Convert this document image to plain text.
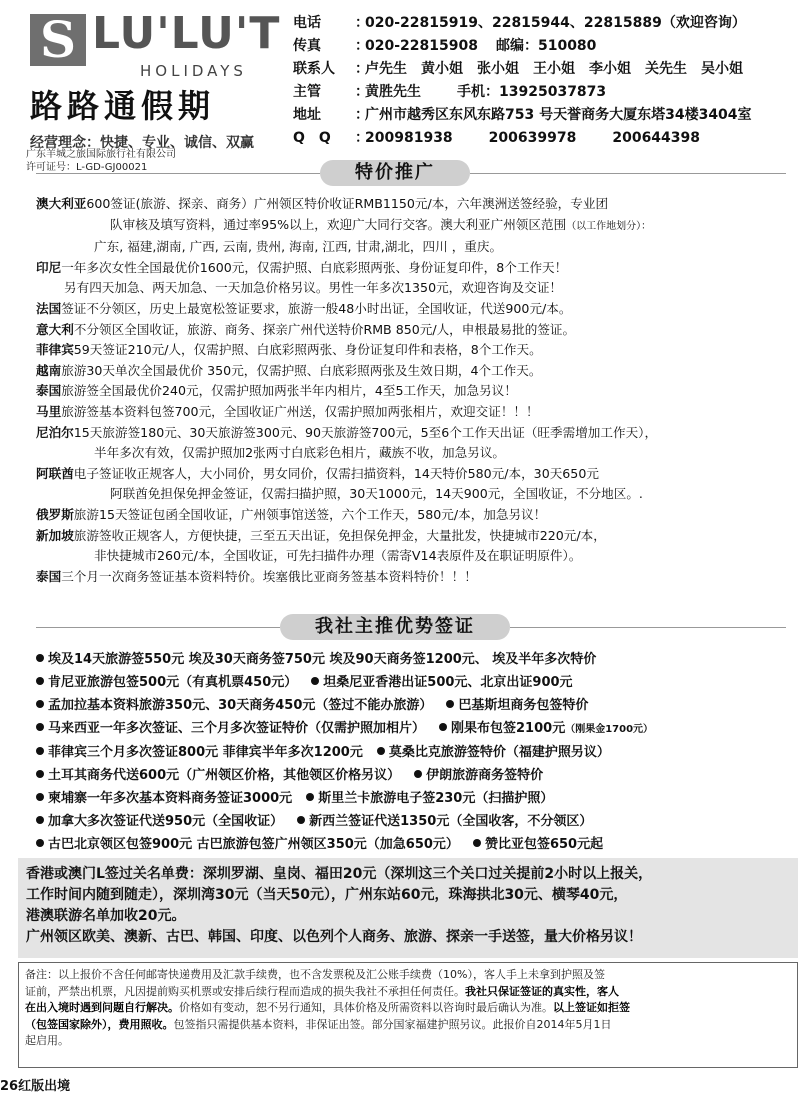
S LU'LU'T
HOLIDAYS
路路通假期
经营理念：快捷、专业、诚信、双赢
广东羊城之旅国际旅行社有限公司
许可证号：L-GD-GJ00021
电话	：
020-22815919、22815944、22815889（欢迎咨询）
传真	：
020-22815908 邮编：510080
联系人	：
卢先生　黄小姐　张小姐　王小姐　李小姐　关先生　吴小姐
主管	：
黄胜先生	手机：13925037873
地址	：
广州市越秀区东风东路753 号天誉商务大厦东塔34楼3404室
Q　Q	：
200981938	200639978	200644398
特价推广
澳大利亚600签证(旅游、探亲、商务）广州领区特价收证RMB1150元/本，六年澳洲送签经验，专业团
队审核及填写资料，通过率95%以上，欢迎广大同行交客。澳大利亚广州领区范围（以工作地划分）：
广东, 福建,湖南, 广西, 云南, 贵州, 海南, 江西, 甘肃,湖北，四川 ，重庆。
印尼一年多次女性全国最优价1600元，仅需护照、白底彩照两张、身份证复印件，8个工作天！
另有四天加急、两天加急、一天加急价格另议。男性一年多次1350元，欢迎咨询及交证！
法国签证不分领区，历史上最宽松签证要求，旅游一般48小时出证，全国收证，代送900元/本。
意大利不分领区全国收证，旅游、商务、探亲广州代送特价RMB 850元/人，申根最易批的签证。
菲律宾59天签证210元/人，仅需护照、白底彩照两张、身份证复印件和表格，8个工作天。
越南旅游30天单次全国最优价 350元，仅需护照、白底彩照两张及生效日期，4个工作天。
泰国旅游签全国最优价240元，仅需护照加两张半年内相片，4至5工作天，加急另议！
马里旅游签基本资料包签700元，全国收证广州送，仅需护照加两张相片，欢迎交证！！！
尼泊尔15天旅游签180元、30天旅游签300元、90天旅游签700元，5至6个工作天出证（旺季需增加工作天），
半年多次有效，仅需护照加2张两寸白底彩色相片，藏族不收，加急另议。
阿联酋电子签证收正规客人，大小同价，男女同价，仅需扫描资料，14天特价580元/本，30天650元
阿联酋免担保免押金签证，仅需扫描护照，30天1000元，14天900元，全国收证，不分地区。.
俄罗斯旅游15天签证包函全国收证，广州领事馆送签，六个工作天，580元/本，加急另议！
新加坡旅游签收正规客人，方便快捷，三至五天出证，免担保免押金，大量批发，快捷城市220元/本，
非快捷城市260元/本，全国收证，可先扫描件办理（需寄V14表原件及在职证明原件）。
泰国三个月一次商务签证基本资料特价。埃塞俄比亚商务签基本资料特价！！！
我社主推优势签证
埃及14天旅游签550元 埃及30天商务签750元 埃及90天商务签1200元、 埃及半年多次特价
肯尼亚旅游包签500元（有真机票450元） 坦桑尼亚香港出证500元、北京出证900元
孟加拉基本资料旅游350元、30天商务450元（签过不能办旅游） 巴基斯坦商务包签特价
马来西亚一年多次签证、三个月多次签证特价（仅需护照加相片） 刚果布包签2100元（刚果金1700元）
菲律宾三个月多次签证800元 菲律宾半年多次1200元 莫桑比克旅游签特价（福建护照另议）
土耳其商务代送600元（广州领区价格，其他领区价格另议） 伊朗旅游商务签特价
柬埔寨一年多次基本资料商务签证3000元 斯里兰卡旅游电子签230元（扫描护照）
加拿大多次签证代送950元（全国收证） 新西兰签证代送1350元（全国收客，不分领区）
古巴北京领区包签900元 古巴旅游包签广州领区350元（加急650元） 赞比亚包签650元起
香港或澳门L签过关名单费：深圳罗湖、皇岗、福田20元（深圳这三个关口过关提前2小时以上报关，
工作时间内随到随走），深圳湾30元（当天50元），广州东站60元，珠海拱北30元、横琴40元，
港澳联游名单加收20元。
广州领区欧美、澳新、古巴、韩国、印度、以色列个人商务、旅游、探亲一手送签，量大价格另议！
备注：以上报价不含任何邮寄快递费用及汇款手续费，也不含发票税及汇公账手续费（10%），客人手上未拿到护照及签
证前，严禁出机票，凡因提前购买机票或安排后续行程而造成的损失我社不承担任何责任。我社只保证签证的真实性，客人
在出入境时遇到问题自行解决。价格如有变动，恕不另行通知，具体价格及所需资料以咨询时最后确认为准。以上签证如拒签
（包签国家除外），费用照收。包签指只需提供基本资料，非保证出签。部分国家福建护照另议。此报价自2014年5月1日
起启用。
26红版出境
